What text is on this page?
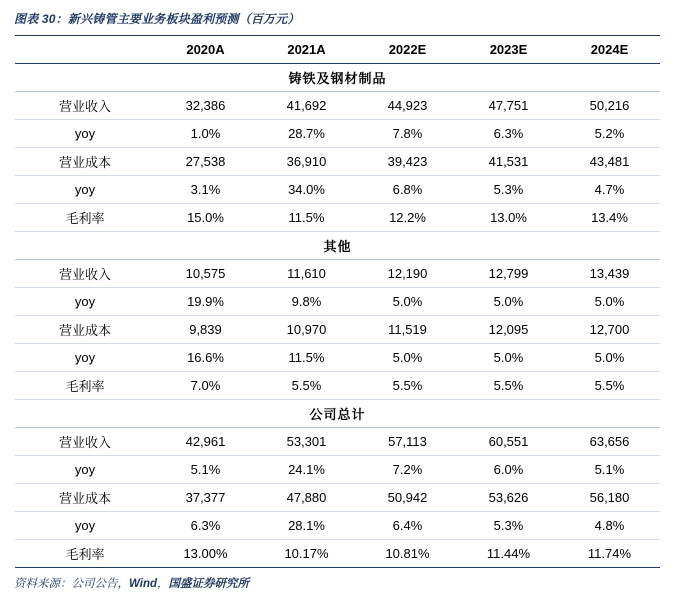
图表 30：新兴铸管主要业务板块盈利预测（百万元）
	2020A	2021A	2022E	2023E	2024E
铸铁及钢材制品					
营业收入	32,386	41,692	44,923	47,751	50,216
yoy	1.0%	28.7%	7.8%	6.3%	5.2%
营业成本	27,538	36,910	39,423	41,531	43,481
yoy	3.1%	34.0%	6.8%	5.3%	4.7%
毛利率	15.0%	11.5%	12.2%	13.0%	13.4%
其他					
营业收入	10,575	11,610	12,190	12,799	13,439
yoy	19.9%	9.8%	5.0%	5.0%	5.0%
营业成本	9,839	10,970	11,519	12,095	12,700
yoy	16.6%	11.5%	5.0%	5.0%	5.0%
毛利率	7.0%	5.5%	5.5%	5.5%	5.5%
公司总计					
营业收入	42,961	53,301	57,113	60,551	63,656
yoy	5.1%	24.1%	7.2%	6.0%	5.1%
营业成本	37,377	47,880	50,942	53,626	56,180
yoy	6.3%	28.1%	6.4%	5.3%	4.8%
毛利率	13.00%	10.17%	10.81%	11.44%	11.74%
资料来源：公司公告，Wind，国盛证券研究所
